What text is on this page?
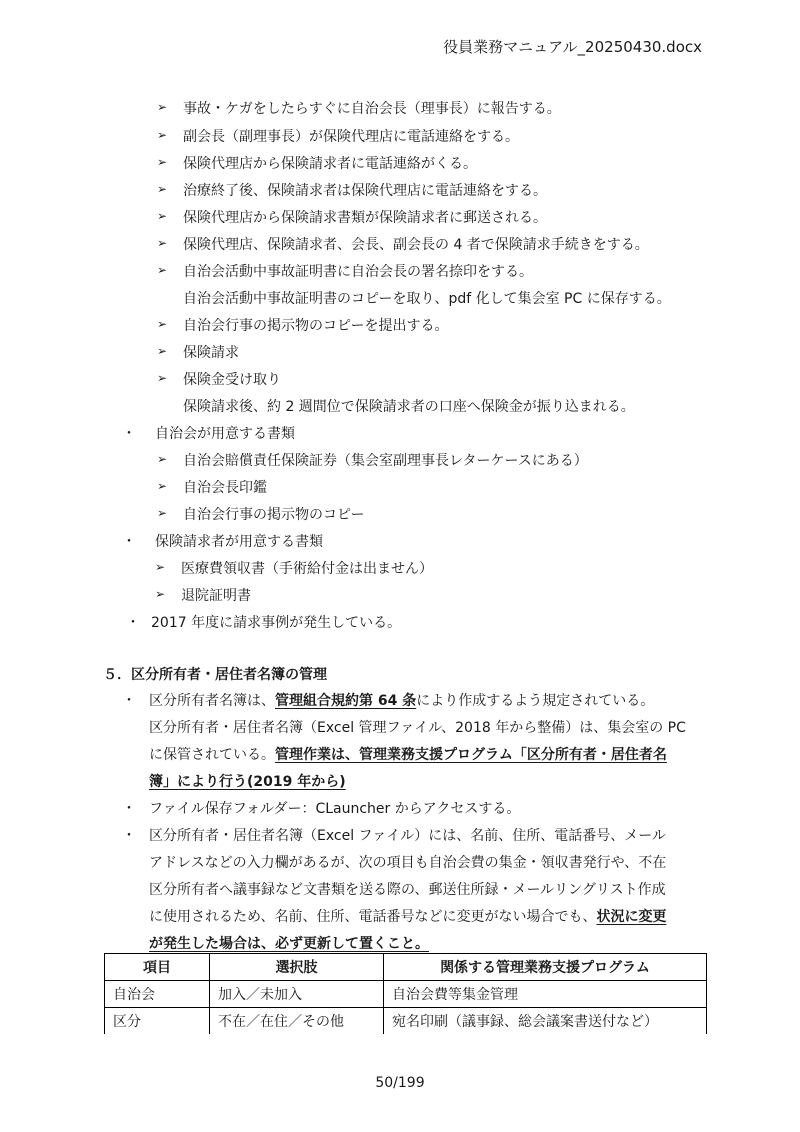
役員業務マニュアル_20250430.docx
➢ 事故・ケガをしたらすぐに自治会長（理事長）に報告する。
➢ 副会長（副理事長）が保険代理店に電話連絡をする。
➢ 保険代理店から保険請求者に電話連絡がくる。
➢ 治療終了後、保険請求者は保険代理店に電話連絡をする。
➢ 保険代理店から保険請求書類が保険請求者に郵送される。
➢ 保険代理店、保険請求者、会長、副会長の 4 者で保険請求手続きをする。
➢ 自治会活動中事故証明書に自治会長の署名捺印をする。
自治会活動中事故証明書のコピーを取り、pdf 化して集会室 PC に保存する。
➢ 自治会行事の掲示物のコピーを提出する。
➢ 保険請求
➢ 保険金受け取り
保険請求後、約 2 週間位で保険請求者の口座へ保険金が振り込まれる。
・ 自治会が用意する書類
➢ 自治会賠償責任保険証券（集会室副理事長レターケースにある）
➢ 自治会長印鑑
➢ 自治会行事の掲示物のコピー
・ 保険請求者が用意する書類
➢ 医療費領収書（手術給付金は出ません）
➢ 退院証明書
・ 2017 年度に請求事例が発生している。
５．区分所有者・居住者名簿の管理
・ 区分所有者名簿は、管理組合規約第 64 条により作成するよう規定されている。
区分所有者・居住者名簿（Excel 管理ファイル、2018 年から整備）は、集会室の PC
に保管されている。管理作業は、管理業務支援プログラム「区分所有者・居住者名
簿」により行う(2019 年から)
・ ファイル保存フォルダー：CLauncher からアクセスする。
・ 区分所有者・居住者名簿（Excel ファイル）には、名前、住所、電話番号、メール
アドレスなどの入力欄があるが、次の項目も自治会費の集金・領収書発行や、不在
区分所有者へ議事録など文書類を送る際の、郵送住所録・メールリングリスト作成
に使用されるため、名前、住所、電話番号などに変更がない場合でも、状況に変更
が発生した場合は、必ず更新して置くこと。
項目	選択肢	関係する管理業務支援プログラム
自治会	加入／未加入	自治会費等集金管理
区分	不在／在住／その他	宛名印刷（議事録、総会議案書送付など）
50/199
